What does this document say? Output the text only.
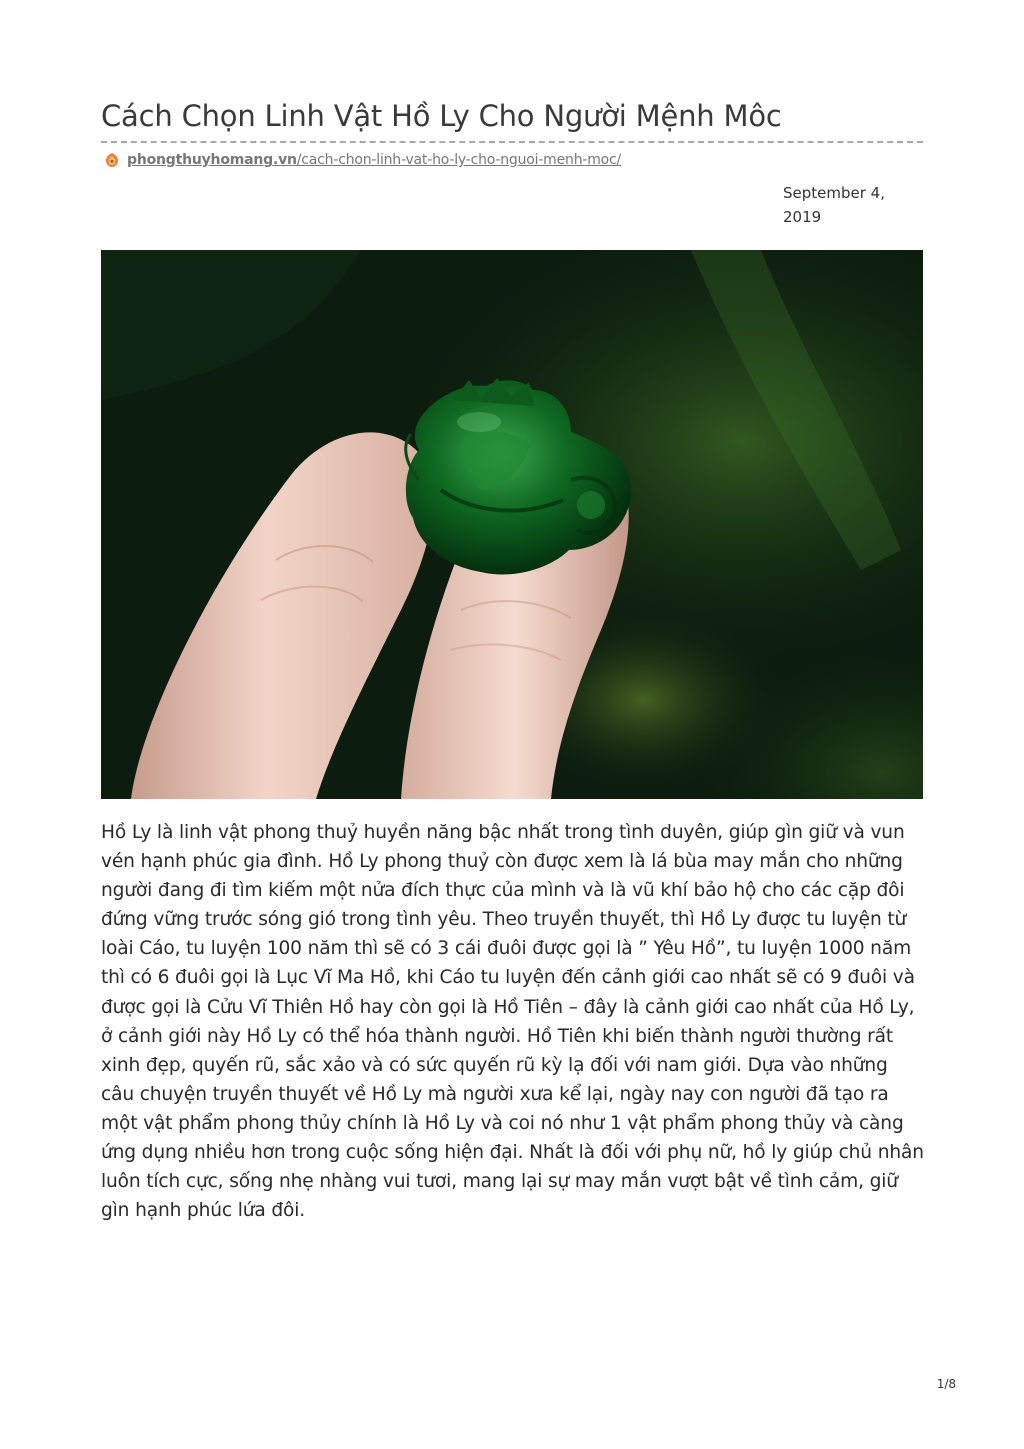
Cách Chọn Linh Vật Hồ Ly Cho Người Mệnh Môc
phongthuyhomang.vn/cach-chon-linh-vat-ho-ly-cho-nguoi-menh-moc/
September 4, 2019

Hồ Ly là linh vật phong thuỷ huyền năng bậc nhất trong tình duyên, giúp gìn giữ và vun vén hạnh phúc gia đình. Hồ Ly phong thuỷ còn được xem là lá bùa may mắn cho những người đang đi tìm kiếm một nửa đích thực của mình và là vũ khí bảo hộ cho các cặp đôi đứng vững trước sóng gió trong tình yêu. Theo truyền thuyết, thì Hồ Ly được tu luyện từ loài Cáo, tu luyện 100 năm thì sẽ có 3 cái đuôi được gọi là ” Yêu Hồ”, tu luyện 1000 năm thì có 6 đuôi gọi là Lục Vĩ Ma Hồ, khi Cáo tu luyện đến cảnh giới cao nhất sẽ có 9 đuôi và được gọi là Cửu Vĩ Thiên Hồ hay còn gọi là Hồ Tiên – đây là cảnh giới cao nhất của Hồ Ly, ở cảnh giới này Hồ Ly có thể hóa thành người. Hồ Tiên khi biến thành người thường rất xinh đẹp, quyến rũ, sắc xảo và có sức quyến rũ kỳ lạ đối với nam giới. Dựa vào những câu chuyện truyền thuyết về Hồ Ly mà người xưa kể lại, ngày nay con người đã tạo ra một vật phẩm phong thủy chính là Hồ Ly và coi nó như 1 vật phẩm phong thủy và càng ứng dụng nhiều hơn trong cuộc sống hiện đại. Nhất là đối với phụ nữ, hồ ly giúp chủ nhân luôn tích cực, sống nhẹ nhàng vui tươi, mang lại sự may mắn vượt bật về tình cảm, giữ gìn hạnh phúc lứa đôi.

1/8
